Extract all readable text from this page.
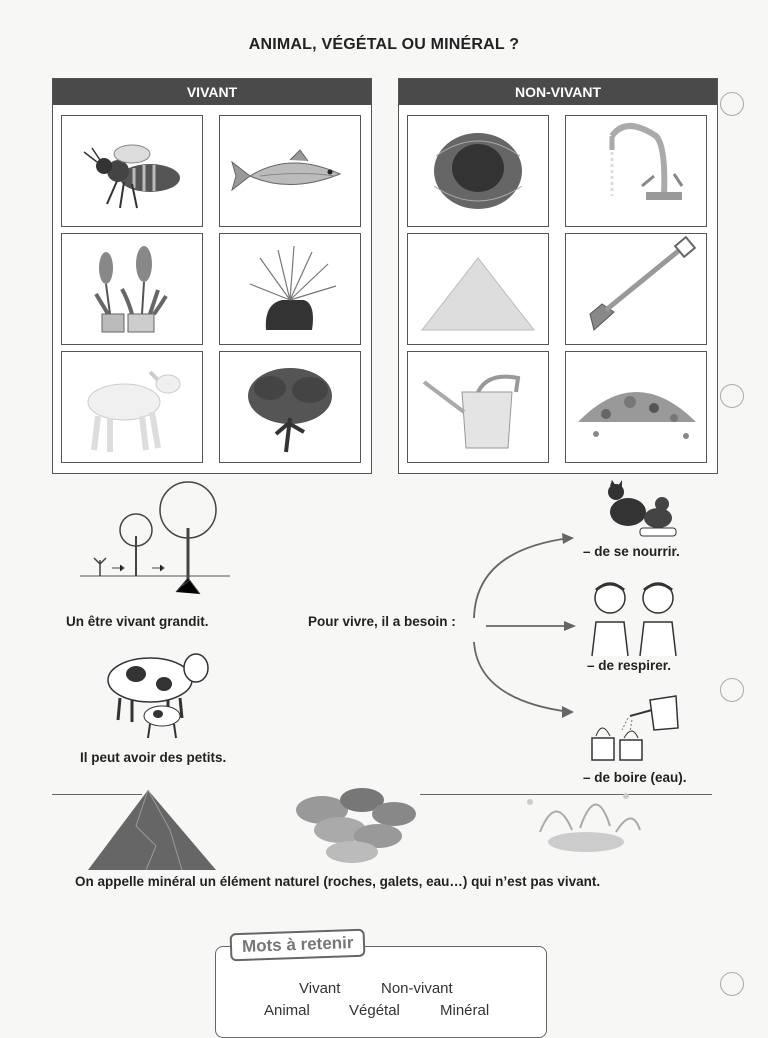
ANIMAL, VÉGÉTAL OU MINÉRAL ?
VIVANT	NON-VIVANT
Un être vivant grandit.
Il peut avoir des petits.
Pour vivre, il a besoin :
– de se nourrir.
– de respirer.
– de boire (eau).
On appelle minéral un élément naturel (roches, galets, eau…) qui n’est pas vivant.
Vivant	Non-vivant
Animal	Végétal	Minéral
Mots à retenir
